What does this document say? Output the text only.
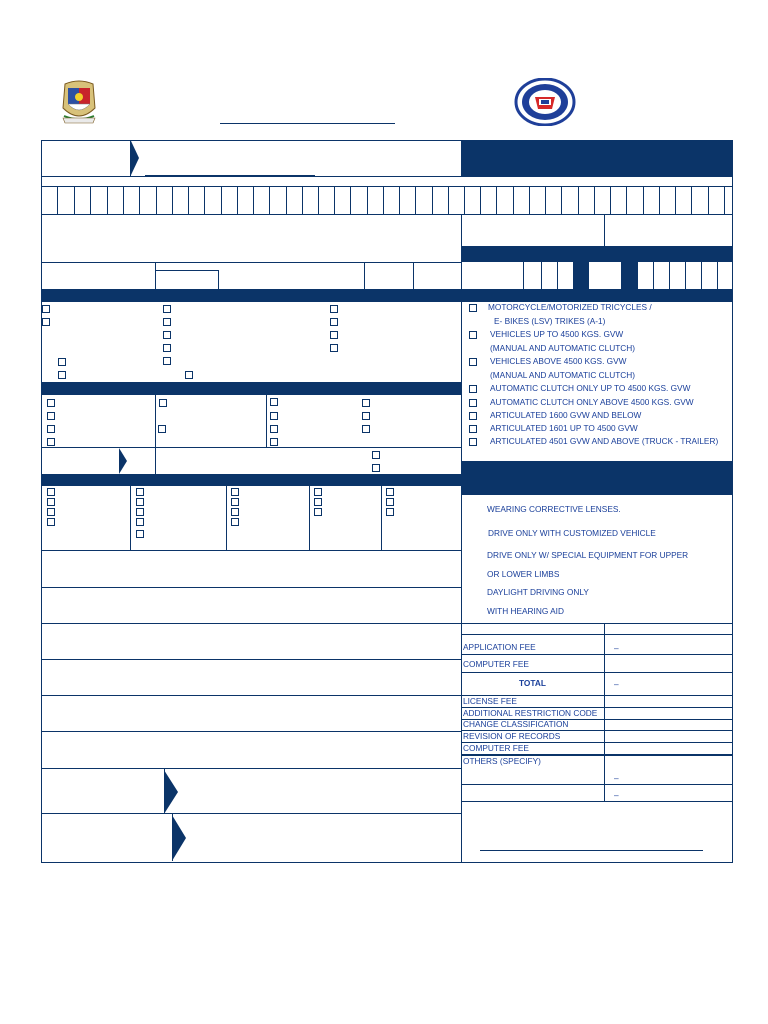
MOTORCYCLE/MOTORIZED TRICYCLES /
E- BIKES (LSV) TRIKES (A-1)
VEHICLES UP TO 4500 KGS. GVW
(MANUAL AND AUTOMATIC CLUTCH)
VEHICLES ABOVE 4500 KGS. GVW
(MANUAL AND AUTOMATIC CLUTCH)
AUTOMATIC CLUTCH ONLY UP TO 4500 KGS. GVW
AUTOMATIC CLUTCH ONLY ABOVE 4500 KGS. GVW
ARTICULATED 1600 GVW AND BELOW
ARTICULATED 1601 UP TO 4500 GVW
ARTICULATED 4501 GVW AND ABOVE (TRUCK - TRAILER)
WEARING CORRECTIVE LENSES.
DRIVE ONLY WITH CUSTOMIZED VEHICLE
DRIVE ONLY W/ SPECIAL EQUIPMENT FOR UPPER
OR LOWER LIMBS
DAYLIGHT DRIVING ONLY
WITH HEARING AID
APPLICATION FEE	–
COMPUTER FEE
TOTAL	–
LICENSE FEE
ADDITIONAL RESTRICTION CODE
CHANGE CLASSIFICATION
REVISION OF RECORDS
COMPUTER FEE
OTHERS (SPECIFY)
–
–
